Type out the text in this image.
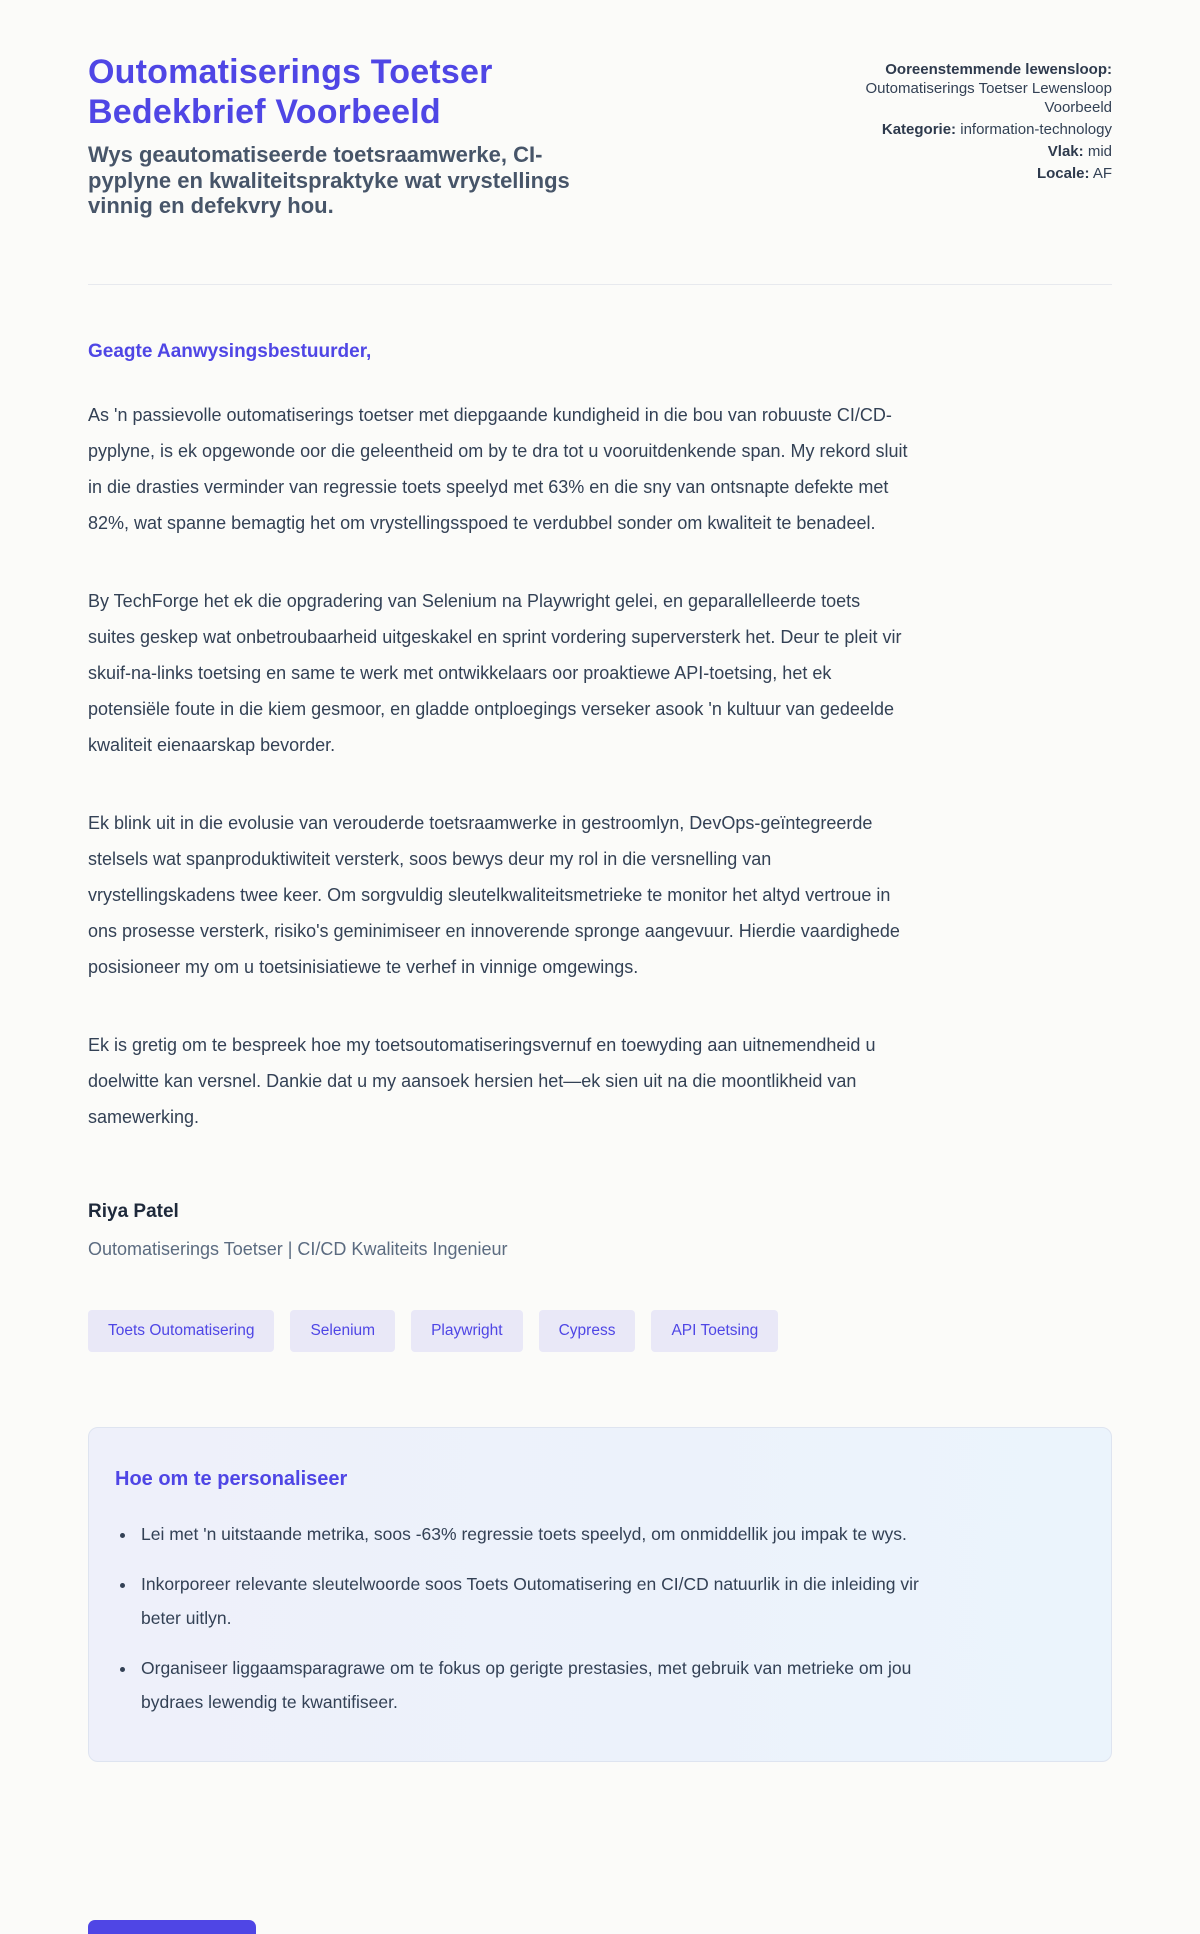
Outomatiserings Toetser Bedekbrief Voorbeeld
Wys geautomatiseerde toetsraamwerke, CI-pyplyne en kwaliteitspraktyke wat vrystellings vinnig en defekvry hou.
Ooreenstemmende lewensloop: Outomatiserings Toetser Lewensloop Voorbeeld
Kategorie: information-technology
Vlak: mid
Locale: AF
Geagte Aanwysingsbestuurder,

As 'n passievolle outomatiserings toetser met diepgaande kundigheid in die bou van robuuste CI/CD-pyplyne, is ek opgewonde oor die geleentheid om by te dra tot u vooruitdenkende span. My rekord sluit in die drasties verminder van regressie toets speelyd met 63% en die sny van ontsnapte defekte met 82%, wat spanne bemagtig het om vrystellingsspoed te verdubbel sonder om kwaliteit te benadeel.

By TechForge het ek die opgradering van Selenium na Playwright gelei, en geparallelleerde toets suites geskep wat onbetroubaarheid uitgeskakel en sprint vordering superversterk het. Deur te pleit vir skuif-na-links toetsing en same te werk met ontwikkelaars oor proaktiewe API-toetsing, het ek potensiële foute in die kiem gesmoor, en gladde ontploegings verseker asook 'n kultuur van gedeelde kwaliteit eienaarskap bevorder.

Ek blink uit in die evolusie van verouderde toetsraamwerke in gestroomlyn, DevOps-geïntegreerde stelsels wat spanproduktiwiteit versterk, soos bewys deur my rol in die versnelling van vrystellingskadens twee keer. Om sorgvuldig sleutelkwaliteitsmetrieke te monitor het altyd vertroue in ons prosesse versterk, risiko's geminimiseer en innoverende spronge aangevuur. Hierdie vaardighede posisioneer my om u toetsinisiatiewe te verhef in vinnige omgewings.

Ek is gretig om te bespreek hoe my toetsoutomatiseringsvernuf en toewyding aan uitnemendheid u doelwitte kan versnel. Dankie dat u my aansoek hersien het—ek sien uit na die moontlikheid van samewerking.

Riya Patel
Outomatiserings Toetser | CI/CD Kwaliteits Ingenieur
Toets Outomatisering	Selenium	Playwright	Cypress	API Toetsing
Hoe om te personaliseer
• Lei met 'n uitstaande metrika, soos -63% regressie toets speelyd, om onmiddellik jou impak te wys.
• Inkorporeer relevante sleutelwoorde soos Toets Outomatisering en CI/CD natuurlik in die inleiding vir beter uitlyn.
• Organiseer liggaamsparagrawe om te fokus op gerigte prestasies, met gebruik van metrieke om jou bydraes lewendig te kwantifiseer.
